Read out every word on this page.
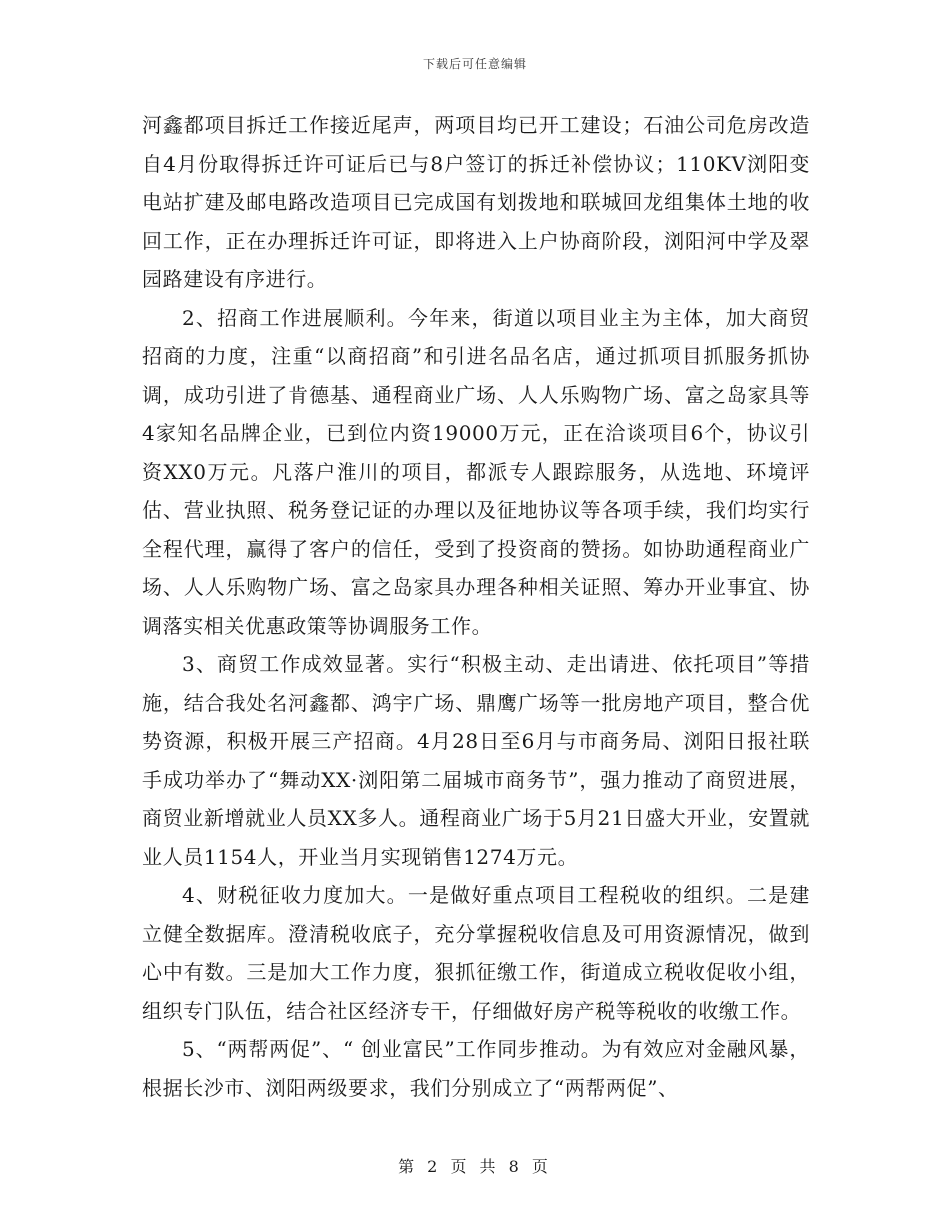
下载后可任意编辑

河鑫都项目拆迁工作接近尾声，两项目均已开工建设；石油公司危房改造自4月份取得拆迁许可证后已与8户签订的拆迁补偿协议；110KV浏阳变电站扩建及邮电路改造项目已完成国有划拨地和联城回龙组集体土地的收回工作，正在办理拆迁许可证，即将进入上户协商阶段，浏阳河中学及翠园路建设有序进行。

2、招商工作进展顺利。今年来，街道以项目业主为主体，加大商贸招商的力度，注重“以商招商”和引进名品名店，通过抓项目抓服务抓协调，成功引进了肯德基、通程商业广场、人人乐购物广场、富之岛家具等4家知名品牌企业，已到位内资19000万元，正在洽谈项目6个，协议引资XX0万元。凡落户淮川的项目，都派专人跟踪服务，从选地、环境评估、营业执照、税务登记证的办理以及征地协议等各项手续，我们均实行全程代理，赢得了客户的信任，受到了投资商的赞扬。如协助通程商业广场、人人乐购物广场、富之岛家具办理各种相关证照、筹办开业事宜、协调落实相关优惠政策等协调服务工作。

3、商贸工作成效显著。实行“积极主动、走出请进、依托项目”等措施，结合我处名河鑫都、鸿宇广场、鼎鹰广场等一批房地产项目，整合优势资源，积极开展三产招商。4月28日至6月与市商务局、浏阳日报社联手成功举办了“舞动XX·浏阳第二届城市商务节”，强力推动了商贸进展，商贸业新增就业人员XX多人。通程商业广场于5月21日盛大开业，安置就业人员1154人，开业当月实现销售1274万元。

4、财税征收力度加大。一是做好重点项目工程税收的组织。二是建立健全数据库。澄清税收底子，充分掌握税收信息及可用资源情况，做到心中有数。三是加大工作力度，狠抓征缴工作，街道成立税收促收小组，组织专门队伍，结合社区经济专干，仔细做好房产税等税收的收缴工作。

5、“两帮两促”、“ 创业富民”工作同步推动。为有效应对金融风暴，根据长沙市、浏阳两级要求，我们分别成立了“两帮两促”、

第 2 页 共 8 页
